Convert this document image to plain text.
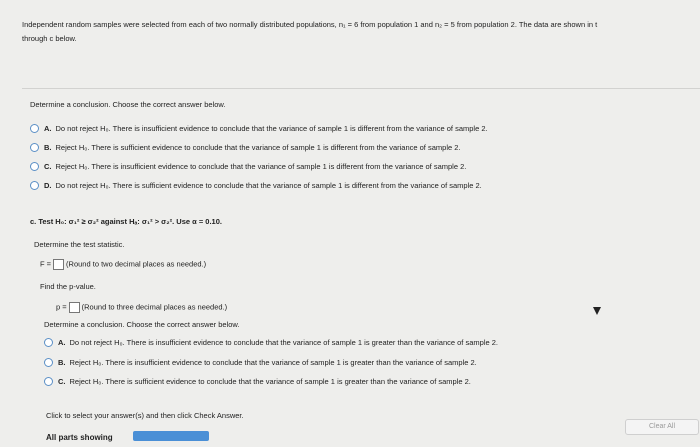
Independent random samples were selected from each of two normally distributed populations, n₁ = 6 from population 1 and n₂ = 5 from population 2. The data are shown in t
through c below.
Determine a conclusion. Choose the correct answer below.
A. Do not reject H₀. There is insufficient evidence to conclude that the variance of sample 1 is different from the variance of sample 2.
B. Reject H₀. There is sufficient evidence to conclude that the variance of sample 1 is different from the variance of sample 2.
C. Reject H₀. There is insufficient evidence to conclude that the variance of sample 1 is different from the variance of sample 2.
D. Do not reject H₀. There is sufficient evidence to conclude that the variance of sample 1 is different from the variance of sample 2.
c. Test H₀: σ₁² ≥ σ₂² against Hₐ: σ₁² > σ₂². Use α = 0.10.
Determine the test statistic.
F = (Round to two decimal places as needed.)
Find the p-value.
p = (Round to three decimal places as needed.)
Determine a conclusion. Choose the correct answer below.
A. Do not reject H₀. There is insufficient evidence to conclude that the variance of sample 1 is greater than the variance of sample 2.
B. Reject H₀. There is insufficient evidence to conclude that the variance of sample 1 is greater than the variance of sample 2.
C. Reject H₀. There is sufficient evidence to conclude that the variance of sample 1 is greater than the variance of sample 2.
Click to select your answer(s) and then click Check Answer.
Clear All
All parts showing
